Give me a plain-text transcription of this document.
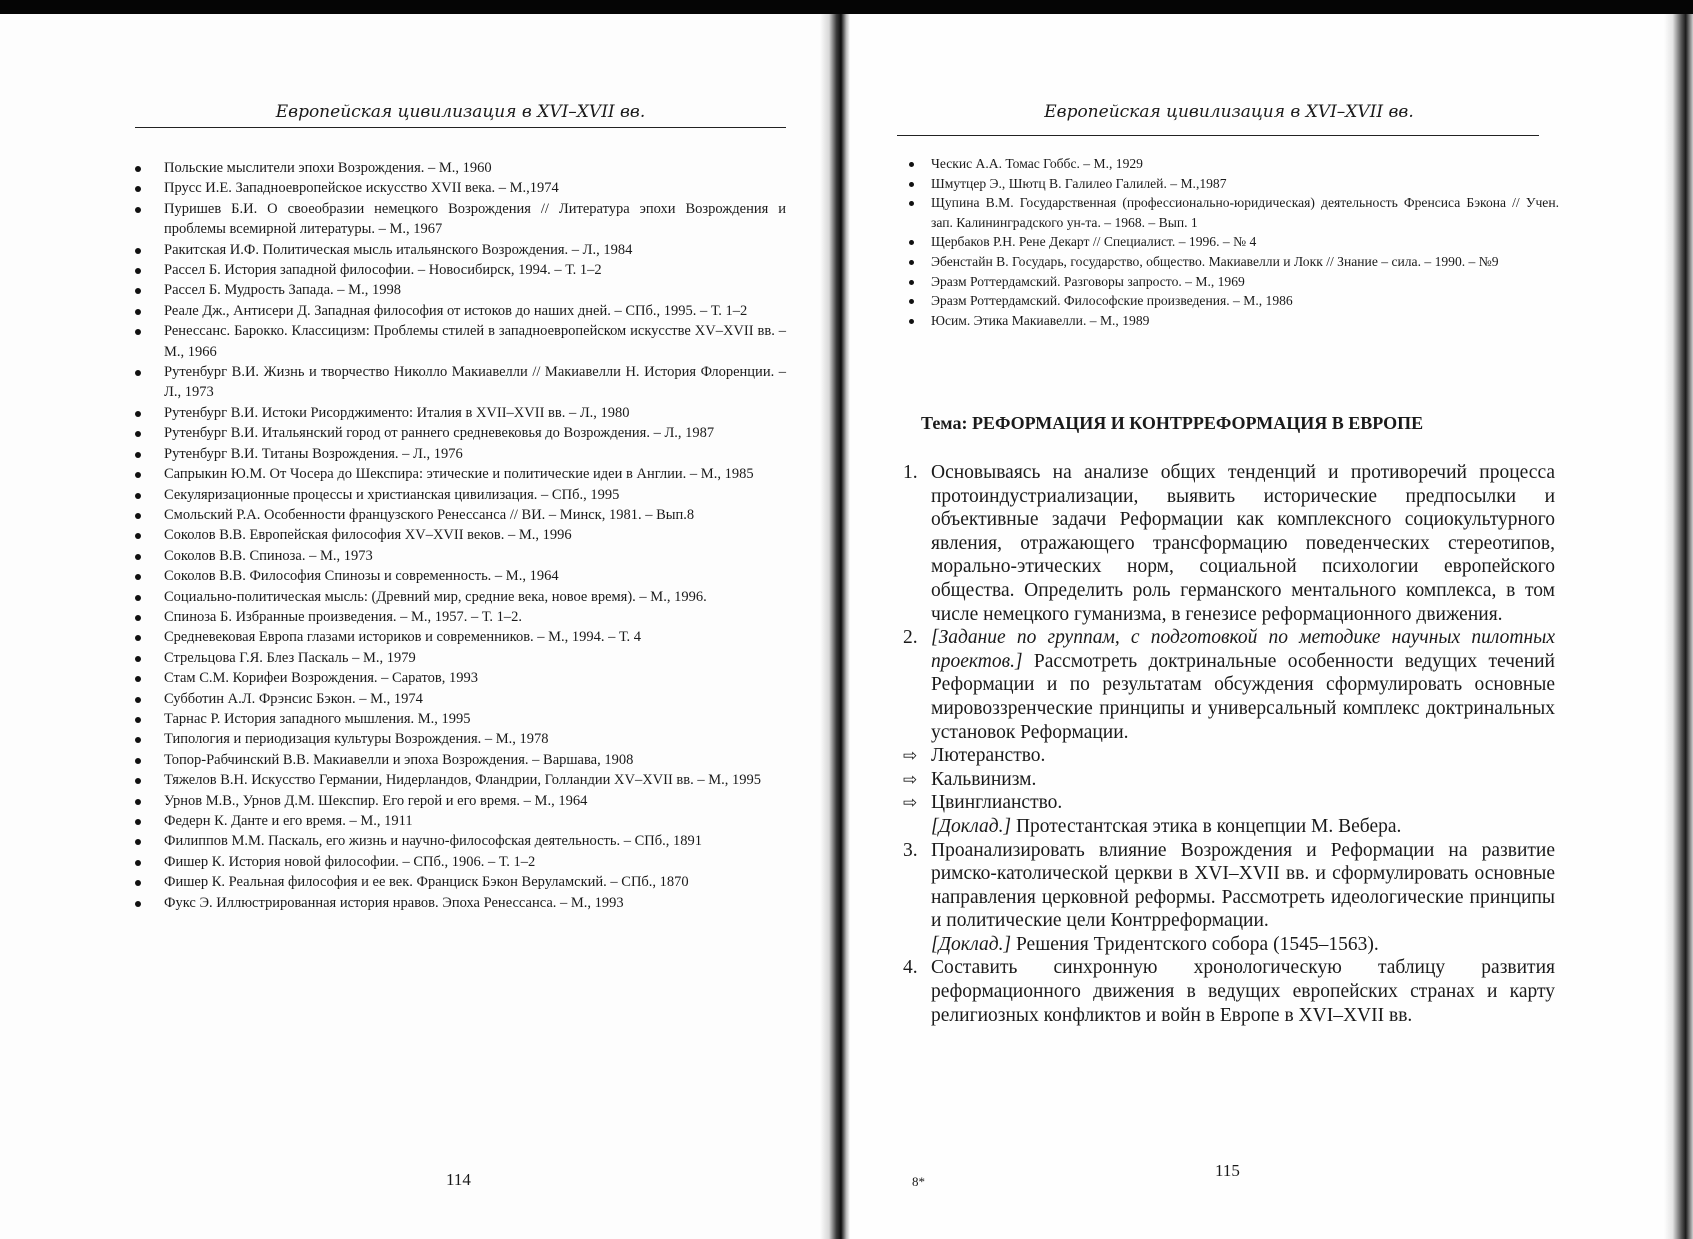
Европейская цивилизация в XVI–XVII вв.
Польские мыслители эпохи Возрождения. – М., 1960
Прусс И.Е. Западноевропейское искусство XVII века. – М.,1974
Пуришев Б.И. О своеобразии немецкого Возрождения // Литература эпохи Возрождения и проблемы всемирной литературы. – М., 1967
Ракитская И.Ф. Политическая мысль итальянского Возрождения. – Л., 1984
Рассел Б. История западной философии. – Новосибирск, 1994. – Т. 1–2
Рассел Б. Мудрость Запада. – М., 1998
Реале Дж., Антисери Д. Западная философия от истоков до наших дней. – СПб., 1995. – Т. 1–2
Ренессанс. Барокко. Классицизм: Проблемы стилей в западноевропейском искусстве XV–XVII вв. – М., 1966
Рутенбург В.И. Жизнь и творчество Николло Макиавелли // Макиавелли Н. История Флоренции. – Л., 1973
Рутенбург В.И. Истоки Рисорджименто: Италия в XVII–XVII вв. – Л., 1980
Рутенбург В.И. Итальянский город от раннего средневековья до Возрождения. – Л., 1987
Рутенбург В.И. Титаны Возрождения. – Л., 1976
Сапрыкин Ю.М. От Чосера до Шекспира: этические и политические идеи в Англии. – М., 1985
Секуляризационные процессы и христианская цивилизация. – СПб., 1995
Смольский Р.А. Особенности французского Ренессанса // ВИ. – Минск, 1981. – Вып.8
Соколов В.В. Европейская философия XV–XVII веков. – М., 1996
Соколов В.В. Спиноза. – М., 1973
Соколов В.В. Философия Спинозы и современность. – М., 1964
Социально-политическая мысль: (Древний мир, средние века, новое время). – М., 1996.
Спиноза Б. Избранные произведения. – М., 1957. – Т. 1–2.
Средневековая Европа глазами историков и современников. – М., 1994. – Т. 4
Стрельцова Г.Я. Блез Паскаль – М., 1979
Стам С.М. Корифеи Возрождения. – Саратов, 1993
Субботин А.Л. Фрэнсис Бэкон. – М., 1974
Тарнас Р. История западного мышления. М., 1995
Типология и периодизация культуры Возрождения. – М., 1978
Топор-Рабчинский В.В. Макиавелли и эпоха Возрождения. – Варшава, 1908
Тяжелов В.Н. Искусство Германии, Нидерландов, Фландрии, Голландии XV–XVII вв. – М., 1995
Урнов М.В., Урнов Д.М. Шекспир. Его герой и его время. – М., 1964
Федерн К. Данте и его время. – М., 1911
Филиппов М.М. Паскаль, его жизнь и научно-философская деятельность. – СПб., 1891
Фишер К. История новой философии. – СПб., 1906. – Т. 1–2
Фишер К. Реальная философия и ее век. Франциск Бэкон Веруламский. – СПб., 1870
Фукс Э. Иллюстрированная история нравов. Эпоха Ренессанса. – М., 1993
114
Европейская цивилизация в XVI–XVII вв.
Ческис А.А. Томас Гоббс. – М., 1929
Шмутцер Э., Шютц В. Галилео Галилей. – М.,1987
Щупина В.М. Государственная (профессионально-юридическая) деятельность Френсиса Бэкона // Учен. зап. Калининградского ун-та. – 1968. – Вып. 1
Щербаков Р.Н. Рене Декарт // Специалист. – 1996. – № 4
Эбенстайн В. Государь, государство, общество. Макиавелли и Локк // Знание – сила. – 1990. – №9
Эразм Роттердамский. Разговоры запросто. – М., 1969
Эразм Роттердамский. Философские произведения. – М., 1986
Юсим. Этика Макиавелли. – М., 1989
Тема: РЕФОРМАЦИЯ И КОНТРРЕФОРМАЦИЯ В ЕВРОПЕ
1. Основываясь на анализе общих тенденций и противоречий процесса протоиндустриализации, выявить исторические предпосылки и объективные задачи Реформации как комплексного социокультурного явления, отражающего трансформацию поведенческих стереотипов, морально-этических норм, социальной психологии европейского общества. Определить роль германского ментального комплекса, в том числе немецкого гуманизма, в генезисе реформационного движения.
2. [Задание по группам, с подготовкой по методике научных пилотных проектов.] Рассмотреть доктринальные особенности ведущих течений Реформации и по результатам обсуждения сформулировать основные мировоззренческие принципы и универсальный комплекс доктринальных установок Реформации.
⇨ Лютеранство.
⇨ Кальвинизм.
⇨ Цвинглианство.
[Доклад.] Протестантская этика в концепции М. Вебера.
3. Проанализировать влияние Возрождения и Реформации на развитие римско-католической церкви в XVI–XVII вв. и сформулировать основные направления церковной реформы. Рассмотреть идеологические принципы и политические цели Контрреформации.
[Доклад.] Решения Тридентского собора (1545–1563).
4. Составить синхронную хронологическую таблицу развития реформационного движения в ведущих европейских странах и карту религиозных конфликтов и войн в Европе в XVI–XVII вв.
8*
115
